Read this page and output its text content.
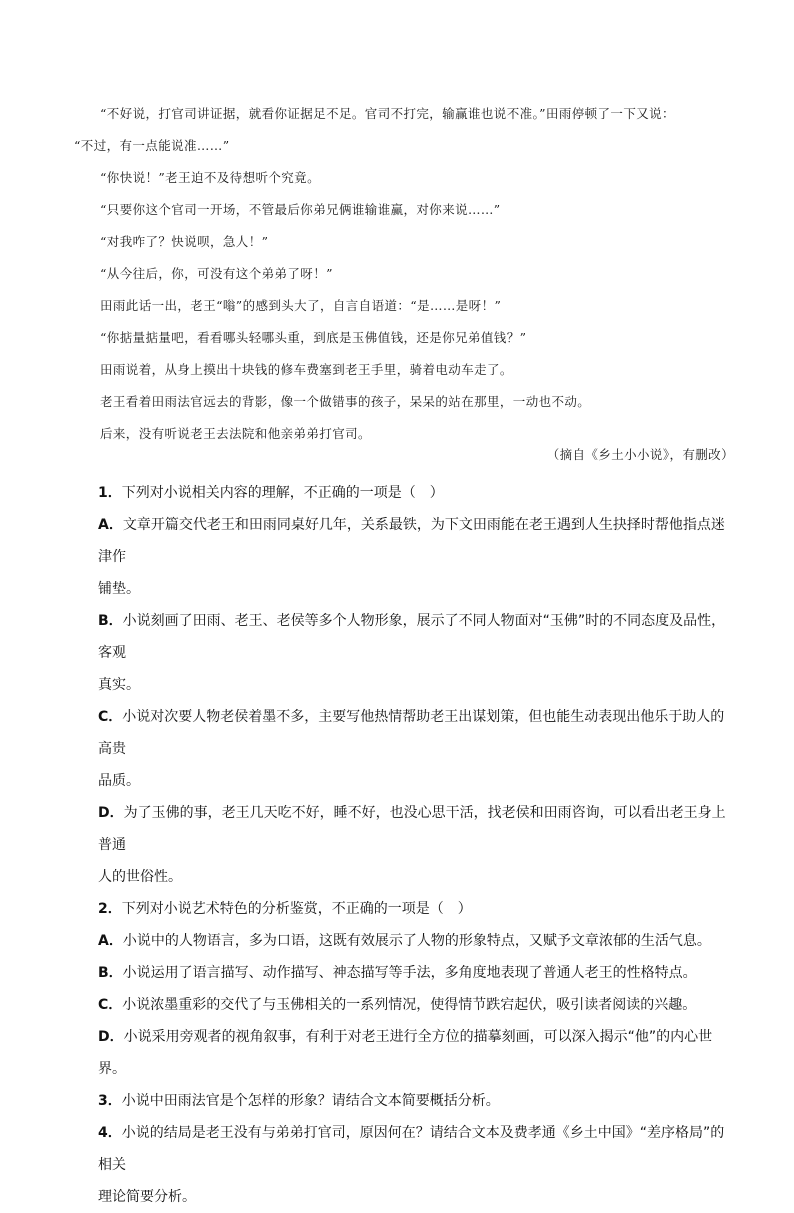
“不好说，打官司讲证据，就看你证据足不足。官司不打完，输赢谁也说不准。”田雨停顿了一下又说：

“不过，有一点能说准……”

“你快说！”老王迫不及待想听个究竟。

“只要你这个官司一开场，不管最后你弟兄俩谁输谁赢，对你来说……”

“对我咋了？快说呗，急人！”

“从今往后，你，可没有这个弟弟了呀！”

田雨此话一出，老王“嗡”的感到头大了，自言自语道：“是……是呀！”

“你掂量掂量吧，看看哪头轻哪头重，到底是玉佛值钱，还是你兄弟值钱？”

田雨说着，从身上摸出十块钱的修车费塞到老王手里，骑着电动车走了。

老王看着田雨法官远去的背影，像一个做错事的孩子，呆呆的站在那里，一动也不动。

后来，没有听说老王去法院和他亲弟弟打官司。

（摘自《乡土小小说》，有删改）

1．下列对小说相关内容的理解，不正确的一项是（　）

A．文章开篇交代老王和田雨同桌好几年，关系最铁，为下文田雨能在老王遇到人生抉择时帮他指点迷津作

铺垫。

B．小说刻画了田雨、老王、老侯等多个人物形象，展示了不同人物面对“玉佛”时的不同态度及品性，客观

真实。

C．小说对次要人物老侯着墨不多，主要写他热情帮助老王出谋划策，但也能生动表现出他乐于助人的高贵

品质。

D．为了玉佛的事，老王几天吃不好，睡不好，也没心思干活，找老侯和田雨咨询，可以看出老王身上普通

人的世俗性。

2．下列对小说艺术特色的分析鉴赏，不正确的一项是（　）

A．小说中的人物语言，多为口语，这既有效展示了人物的形象特点，又赋予文章浓郁的生活气息。

B．小说运用了语言描写、动作描写、神态描写等手法，多角度地表现了普通人老王的性格特点。

C．小说浓墨重彩的交代了与玉佛相关的一系列情况，使得情节跌宕起伏，吸引读者阅读的兴趣。

D．小说采用旁观者的视角叙事，有利于对老王进行全方位的描摹刻画，可以深入揭示“他”的内心世界。

3．小说中田雨法官是个怎样的形象？请结合文本简要概括分析。

4．小说的结局是老王没有与弟弟打官司，原因何在？请结合文本及费孝通《乡土中国》“差序格局”的相关

理论简要分析。
